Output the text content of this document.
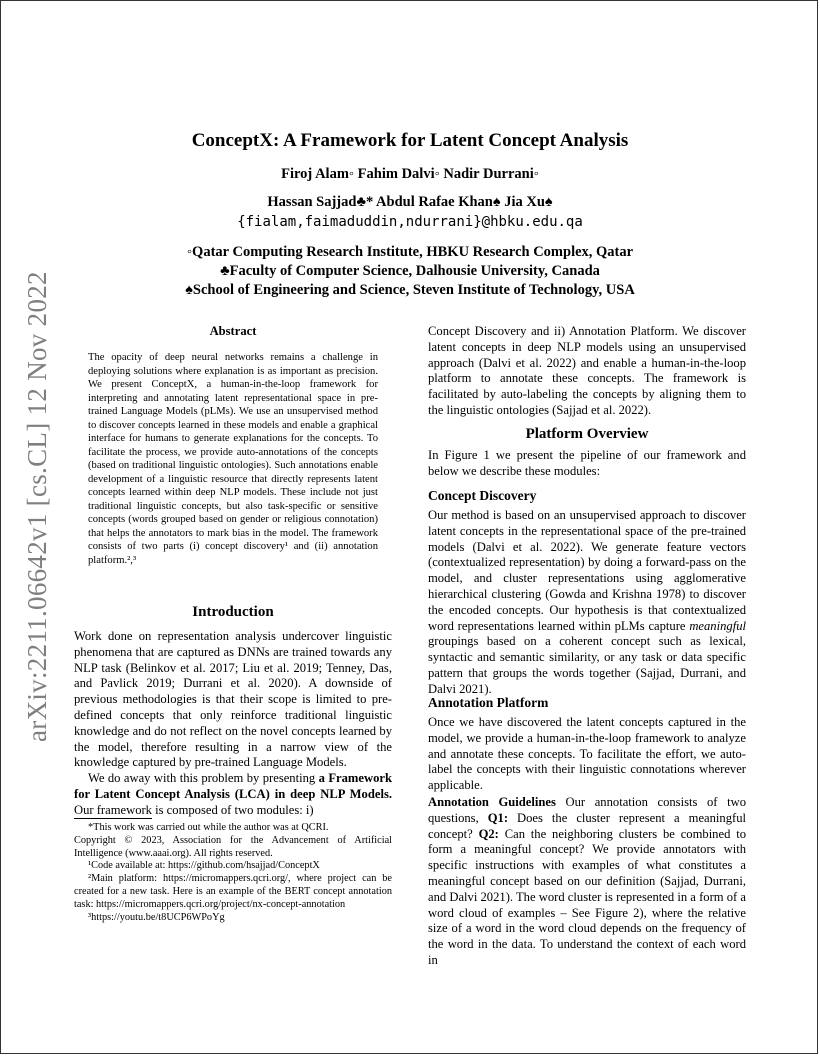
arXiv:2211.06642v1 [cs.CL] 12 Nov 2022
ConceptX: A Framework for Latent Concept Analysis
Firoj Alam◦ Fahim Dalvi◦ Nadir Durrani◦
Hassan Sajjad♣* Abdul Rafae Khan♠ Jia Xu♠
{fialam,faimaduddin,ndurrani}@hbku.edu.qa
◦Qatar Computing Research Institute, HBKU Research Complex, Qatar
♣Faculty of Computer Science, Dalhousie University, Canada
♠School of Engineering and Science, Steven Institute of Technology, USA
Abstract
The opacity of deep neural networks remains a challenge in deploying solutions where explanation is as important as precision. We present ConceptX, a human-in-the-loop framework for interpreting and annotating latent representational space in pre-trained Language Models (pLMs). We use an unsupervised method to discover concepts learned in these models and enable a graphical interface for humans to generate explanations for the concepts. To facilitate the process, we provide auto-annotations of the concepts (based on traditional linguistic ontologies). Such annotations enable development of a linguistic resource that directly represents latent concepts learned within deep NLP models. These include not just traditional linguistic concepts, but also task-specific or sensitive concepts (words grouped based on gender or religious connotation) that helps the annotators to mark bias in the model. The framework consists of two parts (i) concept discovery¹ and (ii) annotation platform.²,³
Introduction

Work done on representation analysis undercover linguistic phenomena that are captured as DNNs are trained towards any NLP task (Belinkov et al. 2017; Liu et al. 2019; Tenney, Das, and Pavlick 2019; Durrani et al. 2020). A downside of previous methodologies is that their scope is limited to pre-defined concepts that only reinforce traditional linguistic knowledge and do not reflect on the novel concepts learned by the model, therefore resulting in a narrow view of the knowledge captured by pre-trained Language Models.

We do away with this problem by presenting a Framework for Latent Concept Analysis (LCA) in deep NLP Models. Our framework is composed of two modules: i)

*This work was carried out while the author was at QCRI.

Copyright © 2023, Association for the Advancement of Artificial Intelligence (www.aaai.org). All rights reserved.

¹Code available at: https://github.com/hsajjad/ConceptX

²Main platform: https://micromappers.qcri.org/, where project can be created for a new task. Here is an example of the BERT concept annotation task: https://micromappers.qcri.org/project/nx-concept-annotation

³https://youtu.be/t8UCP6WPoYg

Concept Discovery and ii) Annotation Platform. We discover latent concepts in deep NLP models using an unsupervised approach (Dalvi et al. 2022) and enable a human-in-the-loop platform to annotate these concepts. The framework is facilitated by auto-labeling the concepts by aligning them to the linguistic ontologies (Sajjad et al. 2022).
Platform Overview
In Figure 1 we present the pipeline of our framework and below we describe these modules:
Concept Discovery
Our method is based on an unsupervised approach to discover latent concepts in the representational space of the pre-trained models (Dalvi et al. 2022). We generate feature vectors (contextualized representation) by doing a forward-pass on the model, and cluster representations using agglomerative hierarchical clustering (Gowda and Krishna 1978) to discover the encoded concepts. Our hypothesis is that contextualized word representations learned within pLMs capture meaningful groupings based on a coherent concept such as lexical, syntactic and semantic similarity, or any task or data specific pattern that groups the words together (Sajjad, Durrani, and Dalvi 2021).
Annotation Platform
Once we have discovered the latent concepts captured in the model, we provide a human-in-the-loop framework to analyze and annotate these concepts. To facilitate the effort, we auto-label the concepts with their linguistic connotations wherever applicable.
Annotation Guidelines Our annotation consists of two questions, Q1: Does the cluster represent a meaningful concept? Q2: Can the neighboring clusters be combined to form a meaningful concept? We provide annotators with specific instructions with examples of what constitutes a meaningful concept based on our definition (Sajjad, Durrani, and Dalvi 2021). The word cluster is represented in a form of a word cloud of examples – See Figure 2), where the relative size of a word in the word cloud depends on the frequency of the word in the data. To understand the context of each word in
